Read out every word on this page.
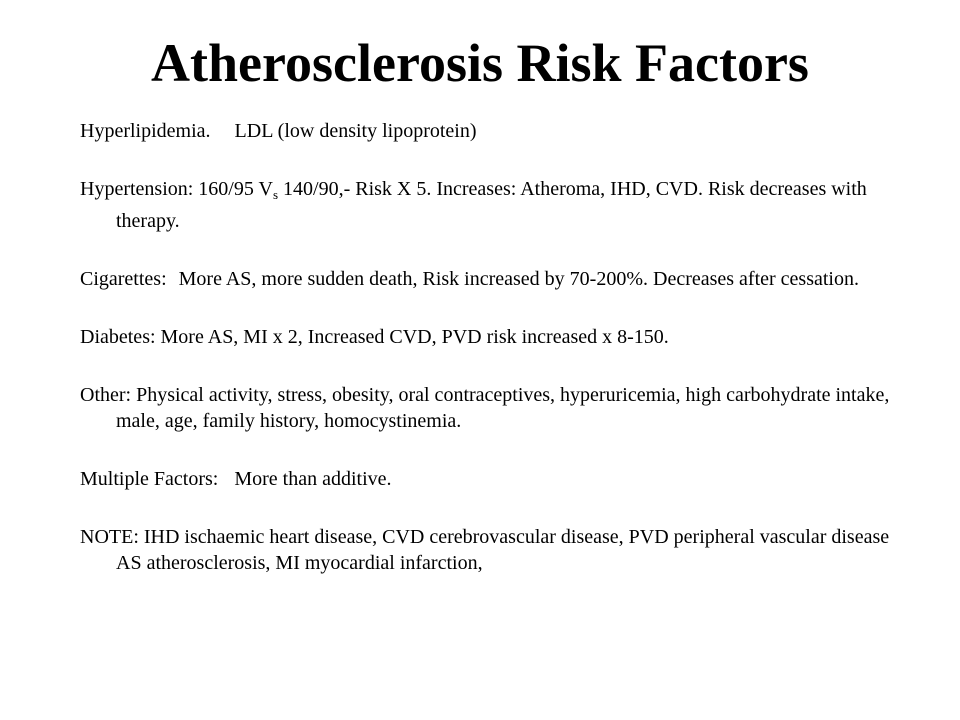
Atherosclerosis Risk Factors

Hyperlipidemia. LDL (low density lipoprotein)

Hypertension: 160/95 $V_s$ 140/90,- Risk X 5. Increases: Atheroma, IHD, CVD. Risk decreases with therapy.

Cigarettes: More AS, more sudden death, Risk increased by 70-200%. Decreases after cessation.

Diabetes: More AS, MI x 2, Increased CVD, PVD risk increased x 8-150.

Other: Physical activity, stress, obesity, oral contraceptives, hyperuricemia, high carbohydrate intake, male, age, family history, homocystinemia.

Multiple Factors: More than additive.

NOTE: IHD ischaemic heart disease, CVD cerebrovascular disease, PVD peripheral vascular disease AS atherosclerosis, MI myocardial infarction,
